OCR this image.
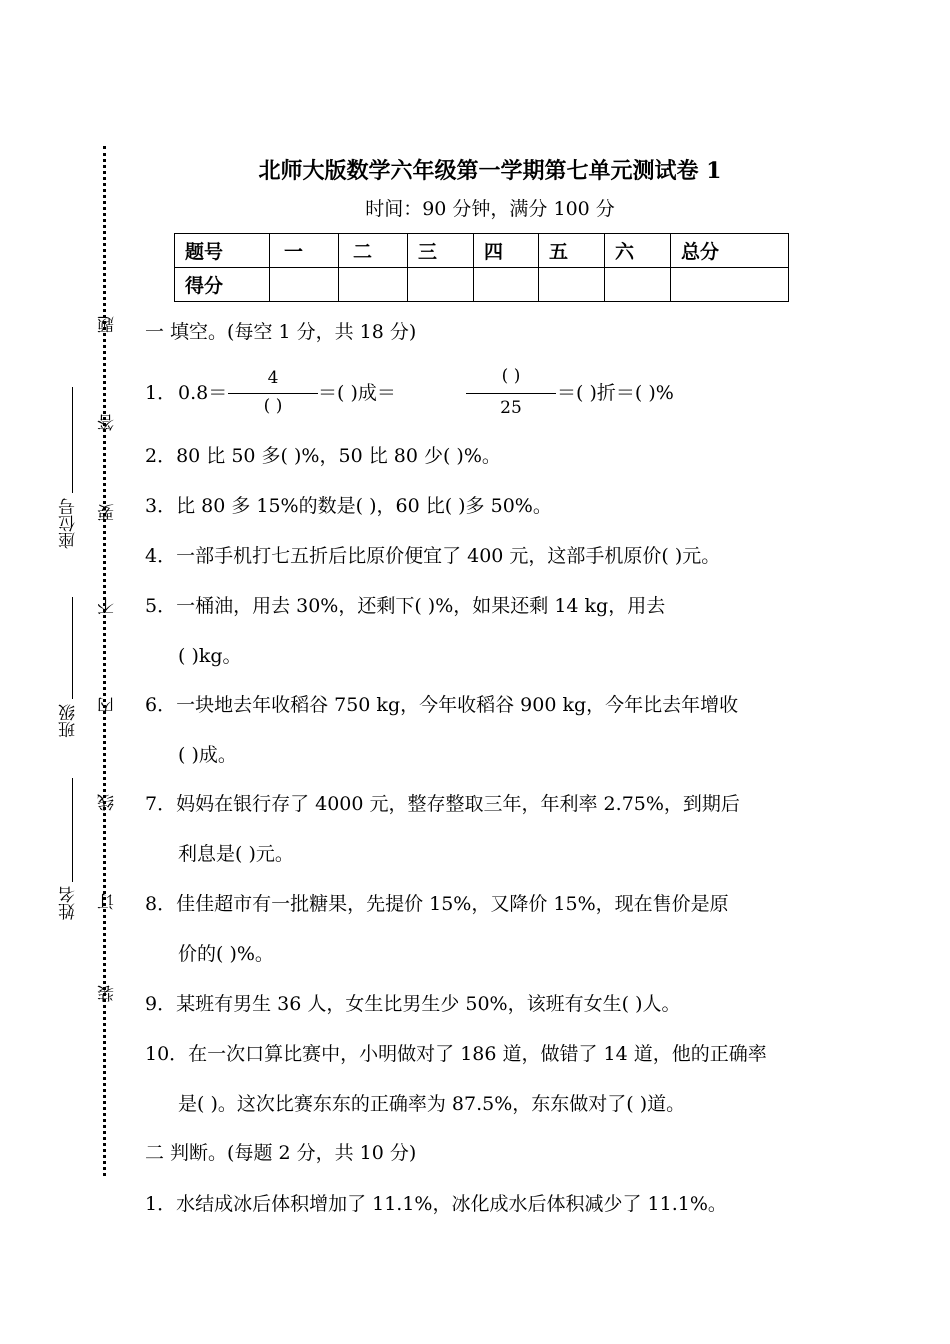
装
订
线
内
不
要
答
题
姓名
班级
座位号
北师大版数学六年级第一学期第七单元测试卷 1
时间：90 分钟，满分 100 分
题号	一	二	三	四	五	六	总分
得分							
一 填空。(每空 1 分，共 18 分)
1． 0.8＝
4
( )
＝( )成＝
( )
25
＝( )折＝( )%
2．80 比 50 多( )%，50 比 80 少( )%。
3．比 80 多 15%的数是( )，60 比( )多 50%。
4．一部手机打七五折后比原价便宜了 400 元，这部手机原价( )元。
5．一桶油，用去 30%，还剩下( )%，如果还剩 14 kg，用去
( )kg。
6．一块地去年收稻谷 750 kg，今年收稻谷 900 kg，今年比去年增收
( )成。
7．妈妈在银行存了 4000 元，整存整取三年，年利率 2.75%，到期后
利息是( )元。
8．佳佳超市有一批糖果，先提价 15%，又降价 15%，现在售价是原
价的( )%。
9．某班有男生 36 人，女生比男生少 50%，该班有女生( )人。
10．在一次口算比赛中，小明做对了 186 道，做错了 14 道，他的正确率
是( )。这次比赛东东的正确率为 87.5%，东东做对了( )道。
二 判断。(每题 2 分，共 10 分)
1．水结成冰后体积增加了 11.1%，冰化成水后体积减少了 11.1%。
